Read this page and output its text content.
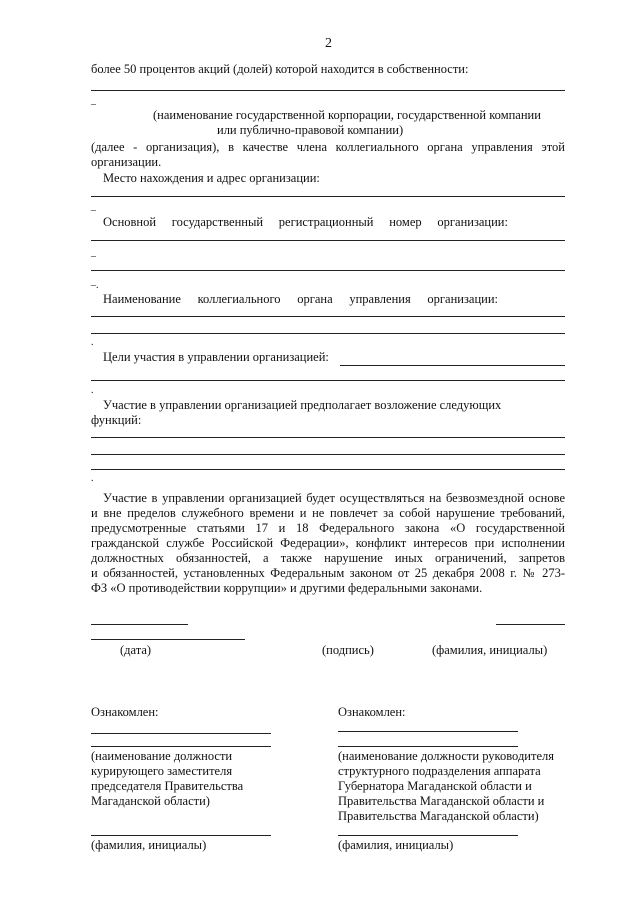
2
более 50 процентов акций (долей) которой находится в собственности:
–
(наименование государственной корпорации, государственной компании
или публично-правовой компании)
(далее - организация), в качестве члена коллегиального органа управления этой
организации.
Место нахождения и адрес организации:
–
Основной государственный регистрационный номер организации:
–
–.
Наименование коллегиального органа управления организации:
.
Цели участия в управлении организацией:
.
Участие в управлении организацией предполагает возложение следующих
функций:
.
Участие в управлении организацией будет осуществляться на безвозмездной основе
и вне пределов служебного времени и не повлечет за собой нарушение требований,
предусмотренные статьями 17 и 18 Федерального закона «О государственной
гражданской службе Российской Федерации», конфликт интересов при исполнении
должностных обязанностей, а также нарушение иных ограничений, запретов
и обязанностей, установленных Федеральным законом от 25 декабря 2008 г. № 273-
ФЗ «О противодействии коррупции» и другими федеральными законами.
(дата)	(подпись)	(фамилия, инициалы)
Ознакомлен:
(наименование должности
курирующего заместителя
председателя Правительства
Магаданской области)
(фамилия, инициалы)
Ознакомлен:
(наименование должности руководителя
структурного подразделения аппарата
Губернатора Магаданской области и
Правительства Магаданской области и
Правительства Магаданской области)
(фамилия, инициалы)
